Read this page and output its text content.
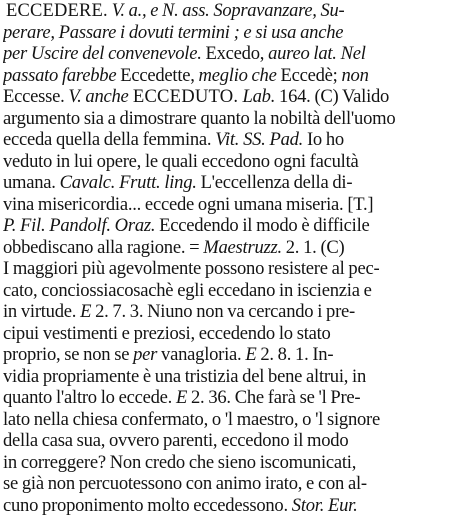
ECCEDERE. V. a., e N. ass. Sopravanzare, Su-
perare, Passare i dovuti termini ; e si usa anche
per Uscire del convenevole. Excedo, aureo lat. Nel
passato farebbe Eccedette, meglio che Eccedè; non
Eccesse. V. anche ECCEDUTO. Lab. 164. (C) Valido
argumento sia a dimostrare quanto la nobiltà dell'uomo
ecceda quella della femmina. Vit. SS. Pad. Io ho
veduto in lui opere, le quali eccedono ogni facultà
umana. Cavalc. Frutt. ling. L'eccellenza della di-
vina misericordia... eccede ogni umana miseria. [T.]
P. Fil. Pandolf. Oraz. Eccedendo il modo è difficile
obbediscano alla ragione. = Maestruzz. 2. 1. (C)
I maggiori più agevolmente possono resistere al pec-
cato, conciossiacosachè egli eccedano in iscienzia e
in virtude. E 2. 7. 3. Niuno non va cercando i pre-
cipui vestimenti e preziosi, eccedendo lo stato
proprio, se non se per vanagloria. E 2. 8. 1. In-
vidia propriamente è una tristizia del bene altrui, in
quanto l'altro lo eccede. E 2. 36. Che farà se 'l Pre-
lato nella chiesa confermato, o 'l maestro, o 'l signore
della casa sua, ovvero parenti, eccedono il modo
in correggere? Non credo che sieno iscomunicati,
se già non percuotessono con animo irato, e con al-
cuno proponimento molto eccedessono. Stor. Eur.
